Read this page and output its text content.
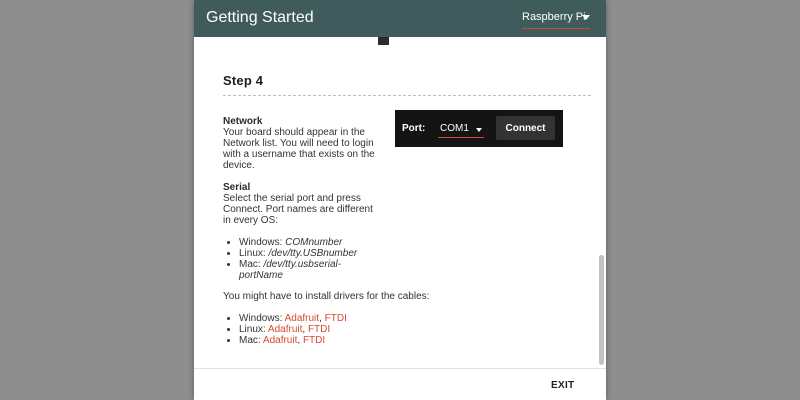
Getting Started	Raspberry Pi
Step 4
Network
Your board should appear in the Network list. You will need to login with a username that exists on the device.
Serial
Select the serial port and press Connect. Port names are different in every OS:
• Windows: COMnumber
• Linux: /dev/tty.USBnumber
• Mac: /dev/tty.usbserial-portName
You might have to install drivers for the cables:
• Windows: Adafruit, FTDI
• Linux: Adafruit, FTDI
• Mac: Adafruit, FTDI
Port: COM1	Connect
EXIT
